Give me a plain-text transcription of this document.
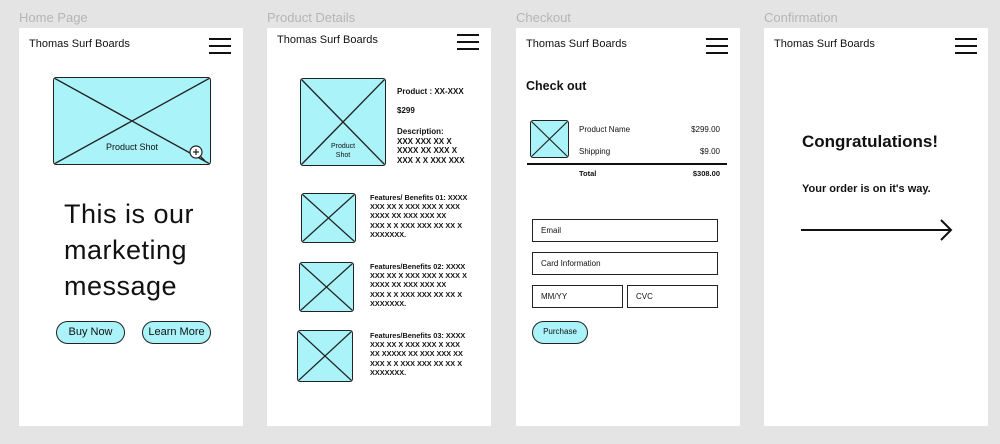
Home Page
Thomas Surf Boards
Product Shot
This is our
marketing
message
Buy Now	Learn More
Product Details
Thomas Surf Boards
Product
Shot
Product : XX-XXX
$299
Description:
XXX XXX XX X
XXXX XX XXX X
XXX X X XXX XXX
Features/ Benefits 01: XXXX
XXX XX X XXX XXX X XXX
XXXX XX XXX XXX XX
XXX X X XXX XXX XX XX X
XXXXXXX.
Features/Benefits 02: XXXX
XXX XX X XXX XXX X XXX X
XXXX XX XXX XXX XX
XXX X X XXX XXX XX XX X
XXXXXXX.
Features/Benefits 03: XXXX
XXX XX X XXX XXX X XXX
XX XXXXX XX XXX XXX XX
XXX X X XXX XXX XX XX X
XXXXXXX.
Checkout
Thomas Surf Boards
Check out
Product Name	$299.00
Shipping	$9.00
Total	$308.00
Email
Card Information
MM/YY	CVC
Purchase
Confirmation
Thomas Surf Boards
Congratulations!
Your order is on it's way.
